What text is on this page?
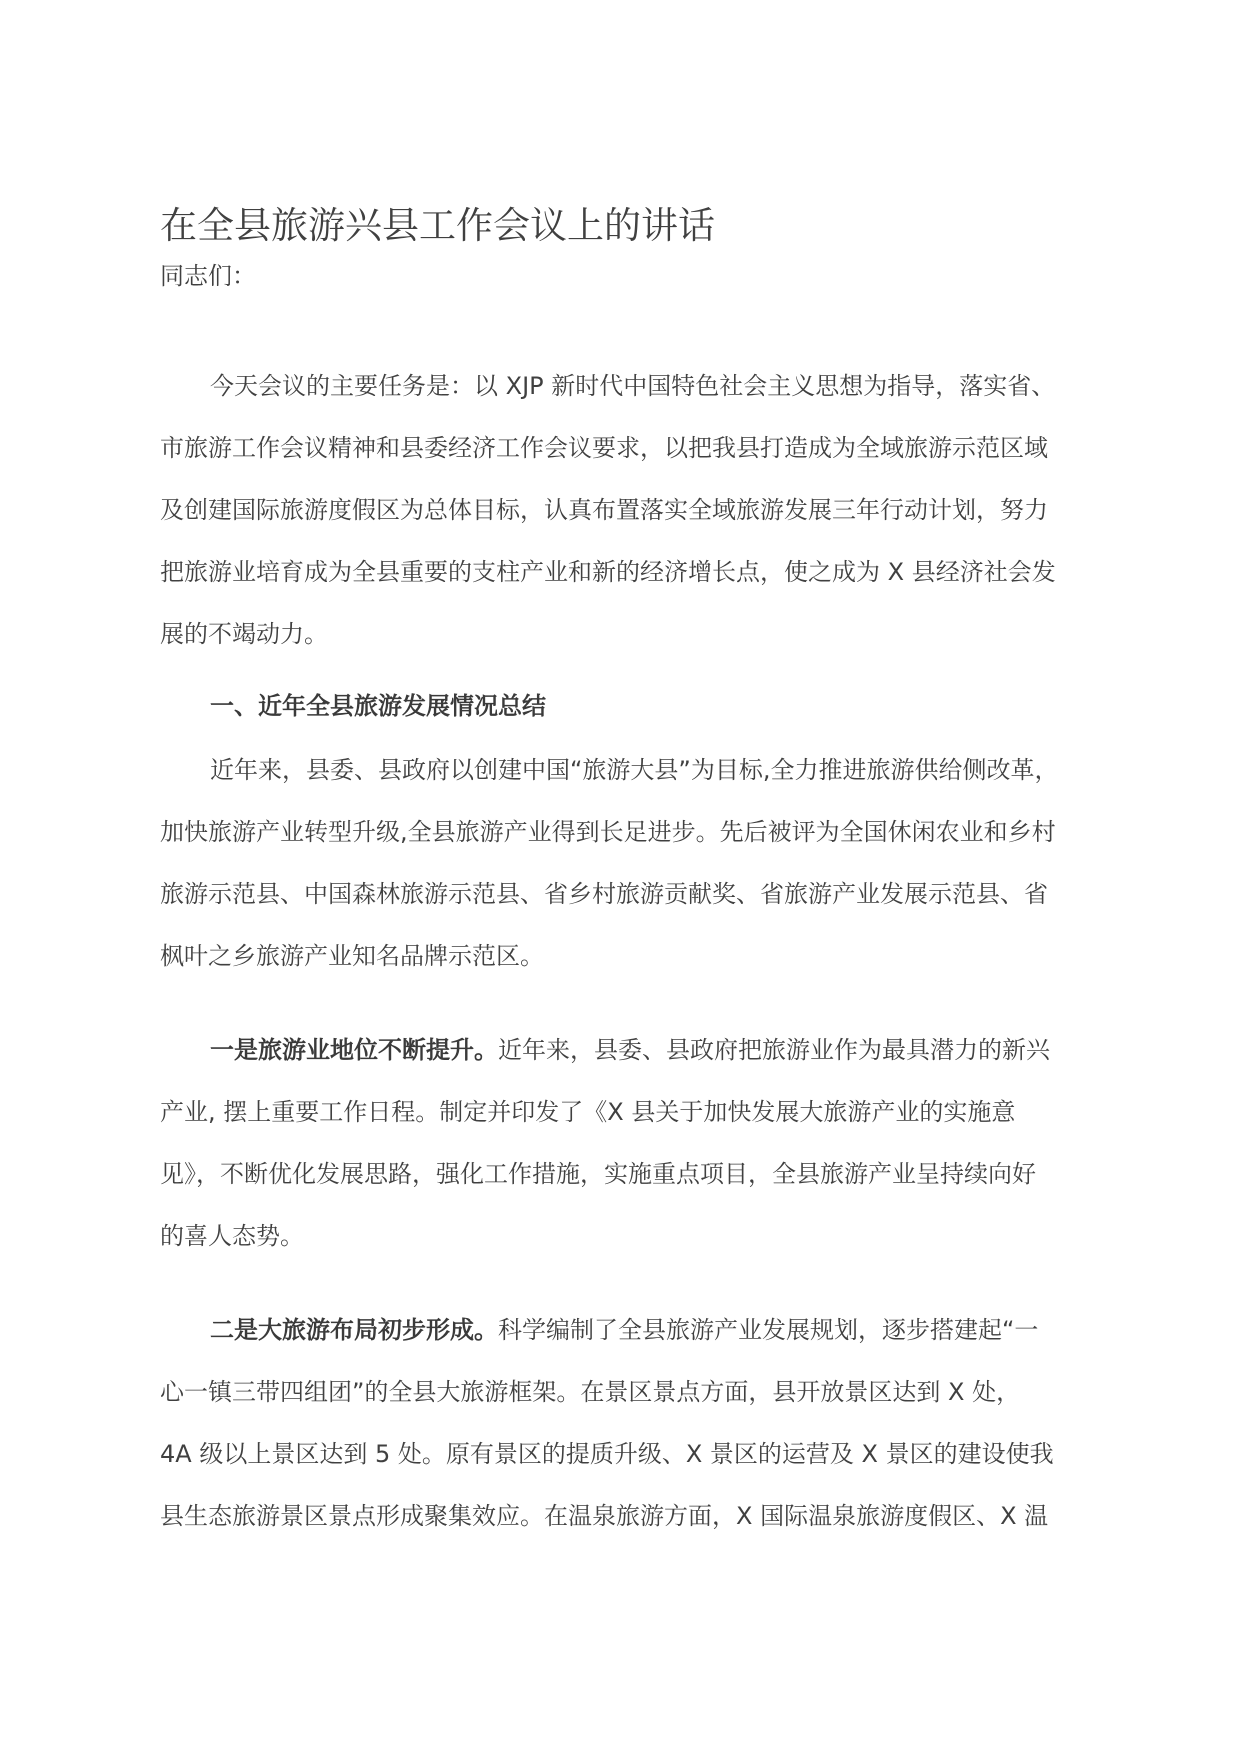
在全县旅游兴县工作会议上的讲话

同志们：

今天会议的主要任务是：以 XJP 新时代中国特色社会主义思想为指导，落实省、

市旅游工作会议精神和县委经济工作会议要求，以把我县打造成为全域旅游示范区域

及创建国际旅游度假区为总体目标，认真布置落实全域旅游发展三年行动计划，努力

把旅游业培育成为全县重要的支柱产业和新的经济增长点，使之成为 X 县经济社会发

展的不竭动力。

一、近年全县旅游发展情况总结

近年来，县委、县政府以创建中国“旅游大县”为目标,全力推进旅游供给侧改革，

加快旅游产业转型升级,全县旅游产业得到长足进步。先后被评为全国休闲农业和乡村

旅游示范县、中国森林旅游示范县、省乡村旅游贡献奖、省旅游产业发展示范县、省

枫叶之乡旅游产业知名品牌示范区。

一是旅游业地位不断提升。近年来，县委、县政府把旅游业作为最具潜力的新兴

产业, 摆上重要工作日程。制定并印发了《X 县关于加快发展大旅游产业的实施意

见》，不断优化发展思路，强化工作措施，实施重点项目，全县旅游产业呈持续向好

的喜人态势。

二是大旅游布局初步形成。科学编制了全县旅游产业发展规划，逐步搭建起“一

心一镇三带四组团”的全县大旅游框架。在景区景点方面，县开放景区达到 X 处，

4A 级以上景区达到 5 处。原有景区的提质升级、X 景区的运营及 X 景区的建设使我

县生态旅游景区景点形成聚集效应。在温泉旅游方面，X 国际温泉旅游度假区、X 温
